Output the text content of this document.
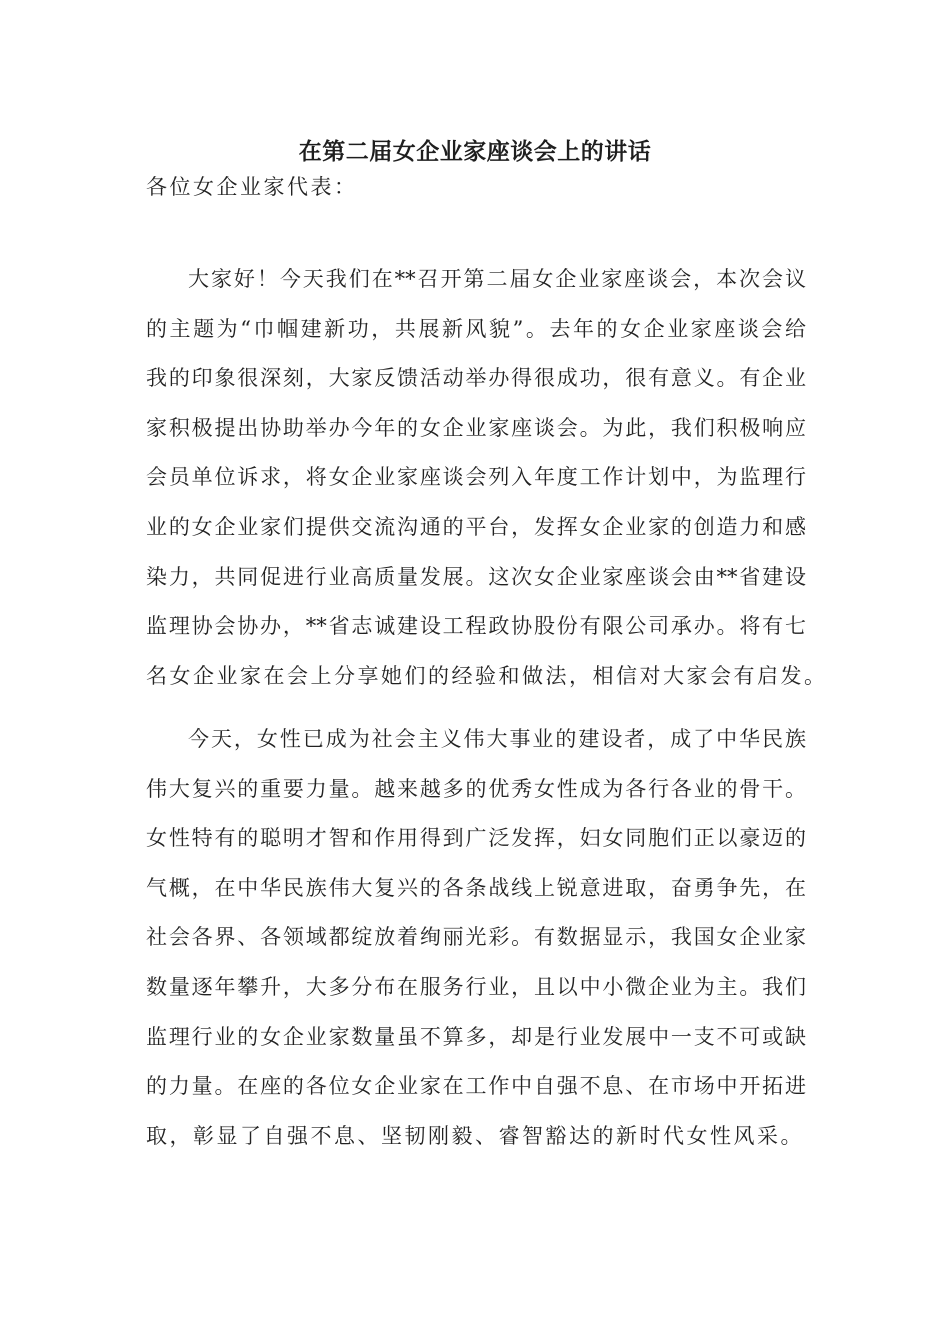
在第二届女企业家座谈会上的讲话
各位女企业家代表：
大家好！今天我们在**召开第二届女企业家座谈会，本次会议
的主题为“巾帼建新功，共展新风貌”。去年的女企业家座谈会给
我的印象很深刻，大家反馈活动举办得很成功，很有意义。有企业
家积极提出协助举办今年的女企业家座谈会。为此，我们积极响应
会员单位诉求，将女企业家座谈会列入年度工作计划中，为监理行
业的女企业家们提供交流沟通的平台，发挥女企业家的创造力和感
染力，共同促进行业高质量发展。这次女企业家座谈会由**省建设
监理协会协办，**省志诚建设工程政协股份有限公司承办。将有七
名女企业家在会上分享她们的经验和做法，相信对大家会有启发。
今天，女性已成为社会主义伟大事业的建设者，成了中华民族
伟大复兴的重要力量。越来越多的优秀女性成为各行各业的骨干。
女性特有的聪明才智和作用得到广泛发挥，妇女同胞们正以豪迈的
气概，在中华民族伟大复兴的各条战线上锐意进取，奋勇争先，在
社会各界、各领域都绽放着绚丽光彩。有数据显示，我国女企业家
数量逐年攀升，大多分布在服务行业，且以中小微企业为主。我们
监理行业的女企业家数量虽不算多，却是行业发展中一支不可或缺
的力量。在座的各位女企业家在工作中自强不息、在市场中开拓进
取，彰显了自强不息、坚韧刚毅、睿智豁达的新时代女性风采。
